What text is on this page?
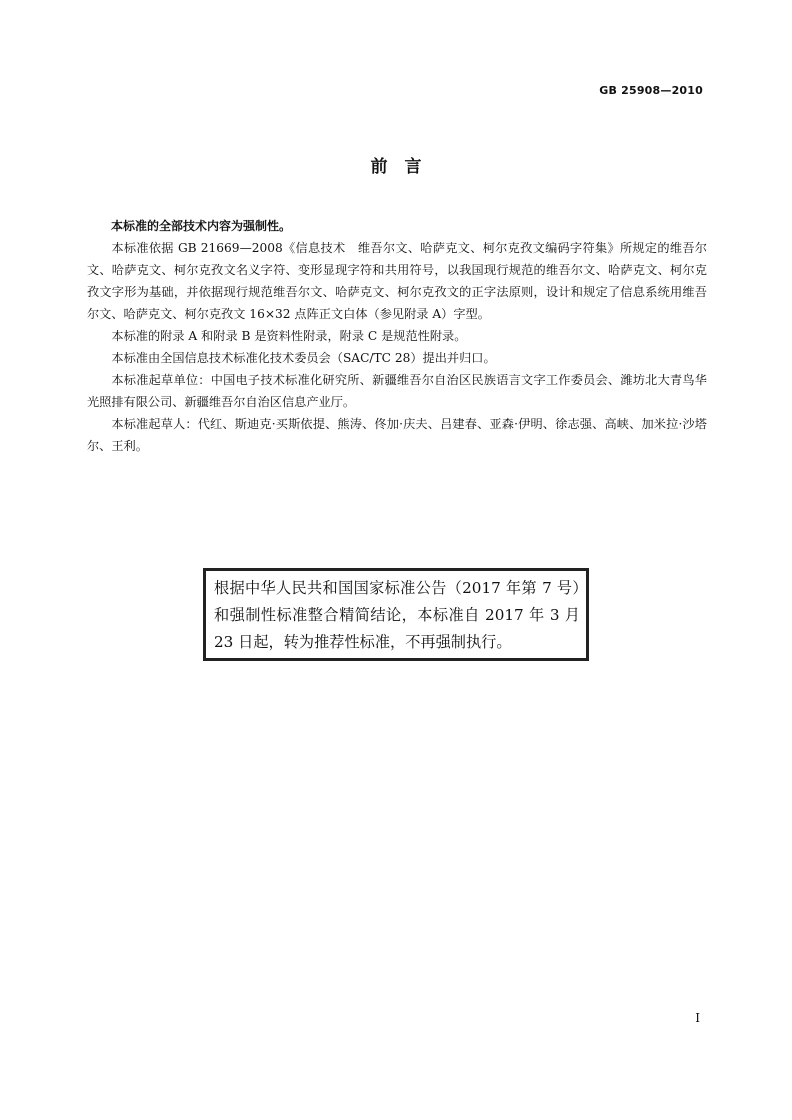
GB 25908—2010
前　言

本标准的全部技术内容为强制性。

本标准依据 GB 21669—2008《信息技术　维吾尔文、哈萨克文、柯尔克孜文编码字符集》所规定的维吾尔文、哈萨克文、柯尔克孜文名义字符、变形显现字符和共用符号，以我国现行规范的维吾尔文、哈萨克文、柯尔克孜文字形为基础，并依据现行规范维吾尔文、哈萨克文、柯尔克孜文的正字法原则，设计和规定了信息系统用维吾尔文、哈萨克文、柯尔克孜文 16×32 点阵正文白体（参见附录 A）字型。

本标准的附录 A 和附录 B 是资料性附录，附录 C 是规范性附录。

本标准由全国信息技术标准化技术委员会（SAC/TC 28）提出并归口。

本标准起草单位：中国电子技术标准化研究所、新疆维吾尔自治区民族语言文字工作委员会、潍坊北大青鸟华光照排有限公司、新疆维吾尔自治区信息产业厅。

本标准起草人：代红、斯迪克·买斯依提、熊涛、佟加·庆夫、吕建春、亚森·伊明、徐志强、高峡、加米拉·沙塔尔、王利。

根据中华人民共和国国家标准公告（2017 年第 7 号）和强制性标准整合精简结论，本标准自 2017 年 3 月 23 日起，转为推荐性标准，不再强制执行。
I
